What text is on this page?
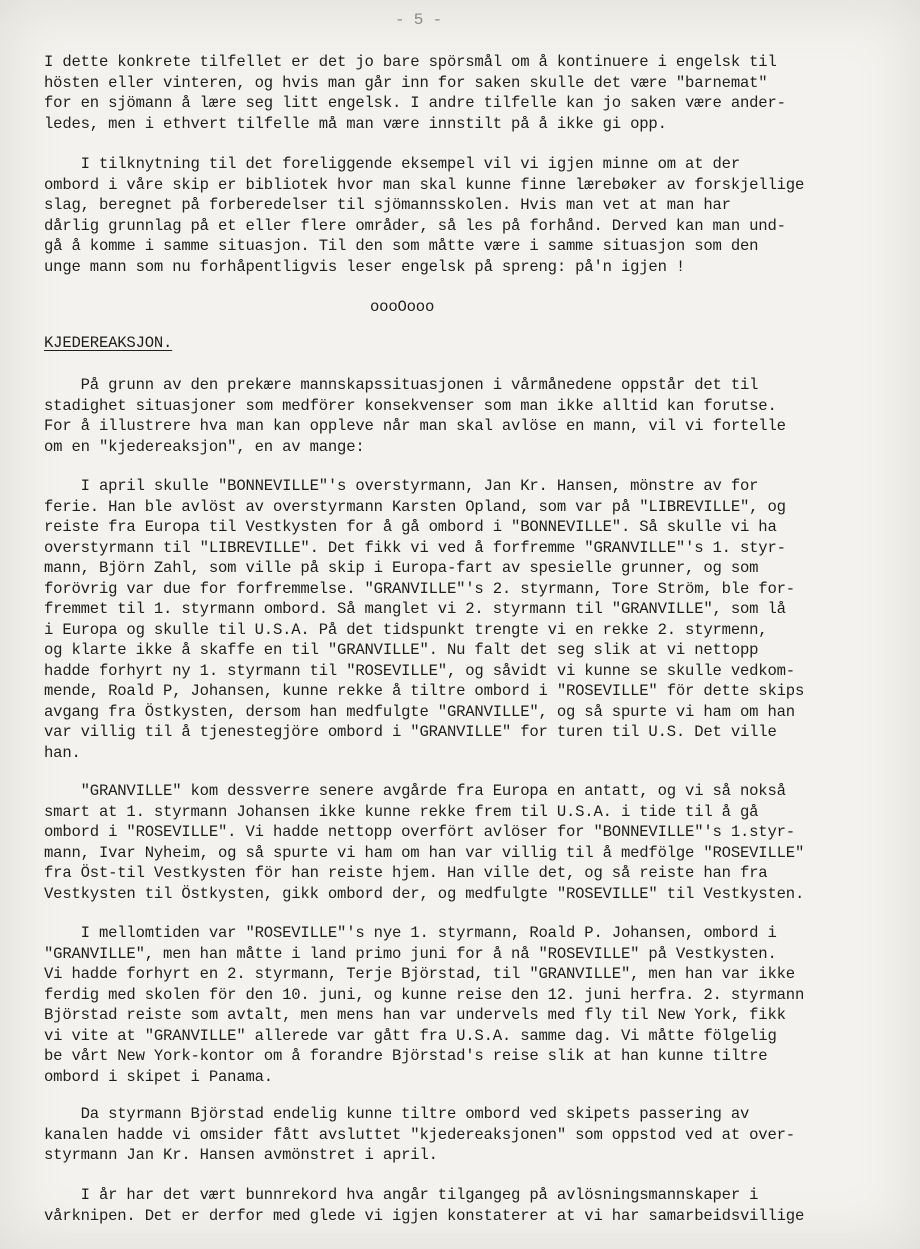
- 5 -
I dette konkrete tilfellet er det jo bare spörsmål om å kontinuere i engelsk til
hösten eller vinteren, og hvis man går inn for saken skulle det være "barnemat"
for en sjömann å lære seg litt engelsk. I andre tilfelle kan jo saken være ander-
ledes, men i ethvert tilfelle må man være innstilt på å ikke gi opp.
I tilknytning til det foreliggende eksempel vil vi igjen minne om at der
ombord i våre skip er bibliotek hvor man skal kunne finne lærebøker av forskjellige
slag, beregnet på forberedelser til sjömannsskolen. Hvis man vet at man har
dårlig grunnlag på et eller flere områder, så les på forhånd. Derved kan man und-
gå å komme i samme situasjon. Til den som måtte være i samme situasjon som den
unge mann som nu forhåpentligvis leser engelsk på spreng: på'n igjen !
oooOooo
KJEDEREAKSJON.
På grunn av den prekære mannskapssituasjonen i vårmånedene oppstår det til
stadighet situasjoner som medförer konsekvenser som man ikke alltid kan forutse.
For å illustrere hva man kan oppleve når man skal avlöse en mann, vil vi fortelle
om en "kjedereaksjon", en av mange:
I april skulle "BONNEVILLE"'s overstyrmann, Jan Kr. Hansen, mönstre av for
ferie. Han ble avlöst av overstyrmann Karsten Opland, som var på "LIBREVILLE", og
reiste fra Europa til Vestkysten for å gå ombord i "BONNEVILLE". Så skulle vi ha
overstyrmann til "LIBREVILLE". Det fikk vi ved å forfremme "GRANVILLE"'s 1. styr-
mann, Björn Zahl, som ville på skip i Europa-fart av spesielle grunner, og som
forövrig var due for forfremmelse. "GRANVILLE"'s 2. styrmann, Tore Ström, ble for-
fremmet til 1. styrmann ombord. Så manglet vi 2. styrmann til "GRANVILLE", som lå
i Europa og skulle til U.S.A. På det tidspunkt trengte vi en rekke 2. styrmenn,
og klarte ikke å skaffe en til "GRANVILLE". Nu falt det seg slik at vi nettopp
hadde forhyrt ny 1. styrmann til "ROSEVILLE", og såvidt vi kunne se skulle vedkom-
mende, Roald P, Johansen, kunne rekke å tiltre ombord i "ROSEVILLE" för dette skips
avgang fra Östkysten, dersom han medfulgte "GRANVILLE", og så spurte vi ham om han
var villig til å tjenestegjöre ombord i "GRANVILLE" for turen til U.S. Det ville
han.
"GRANVILLE" kom dessverre senere avgårde fra Europa en antatt, og vi så nokså
smart at 1. styrmann Johansen ikke kunne rekke frem til U.S.A. i tide til å gå
ombord i "ROSEVILLE". Vi hadde nettopp overfört avlöser for "BONNEVILLE"'s 1.styr-
mann, Ivar Nyheim, og så spurte vi ham om han var villig til å medfölge "ROSEVILLE"
fra Öst-til Vestkysten för han reiste hjem. Han ville det, og så reiste han fra
Vestkysten til Östkysten, gikk ombord der, og medfulgte "ROSEVILLE" til Vestkysten.
I mellomtiden var "ROSEVILLE"'s nye 1. styrmann, Roald P. Johansen, ombord i
"GRANVILLE", men han måtte i land primo juni for å nå "ROSEVILLE" på Vestkysten.
Vi hadde forhyrt en 2. styrmann, Terje Björstad, til "GRANVILLE", men han var ikke
ferdig med skolen för den 10. juni, og kunne reise den 12. juni herfra. 2. styrmann
Björstad reiste som avtalt, men mens han var undervels med fly til New York, fikk
vi vite at "GRANVILLE" allerede var gått fra U.S.A. samme dag. Vi måtte fölgelig
be vårt New York-kontor om å forandre Björstad's reise slik at han kunne tiltre
ombord i skipet i Panama.
Da styrmann Björstad endelig kunne tiltre ombord ved skipets passering av
kanalen hadde vi omsider fått avsluttet "kjedereaksjonen" som oppstod ved at over-
styrmann Jan Kr. Hansen avmönstret i april.
I år har det vært bunnrekord hva angår tilgangeg på avlösningsmannskaper i
vårknipen. Det er derfor med glede vi igjen konstaterer at vi har samarbeidsvillige
